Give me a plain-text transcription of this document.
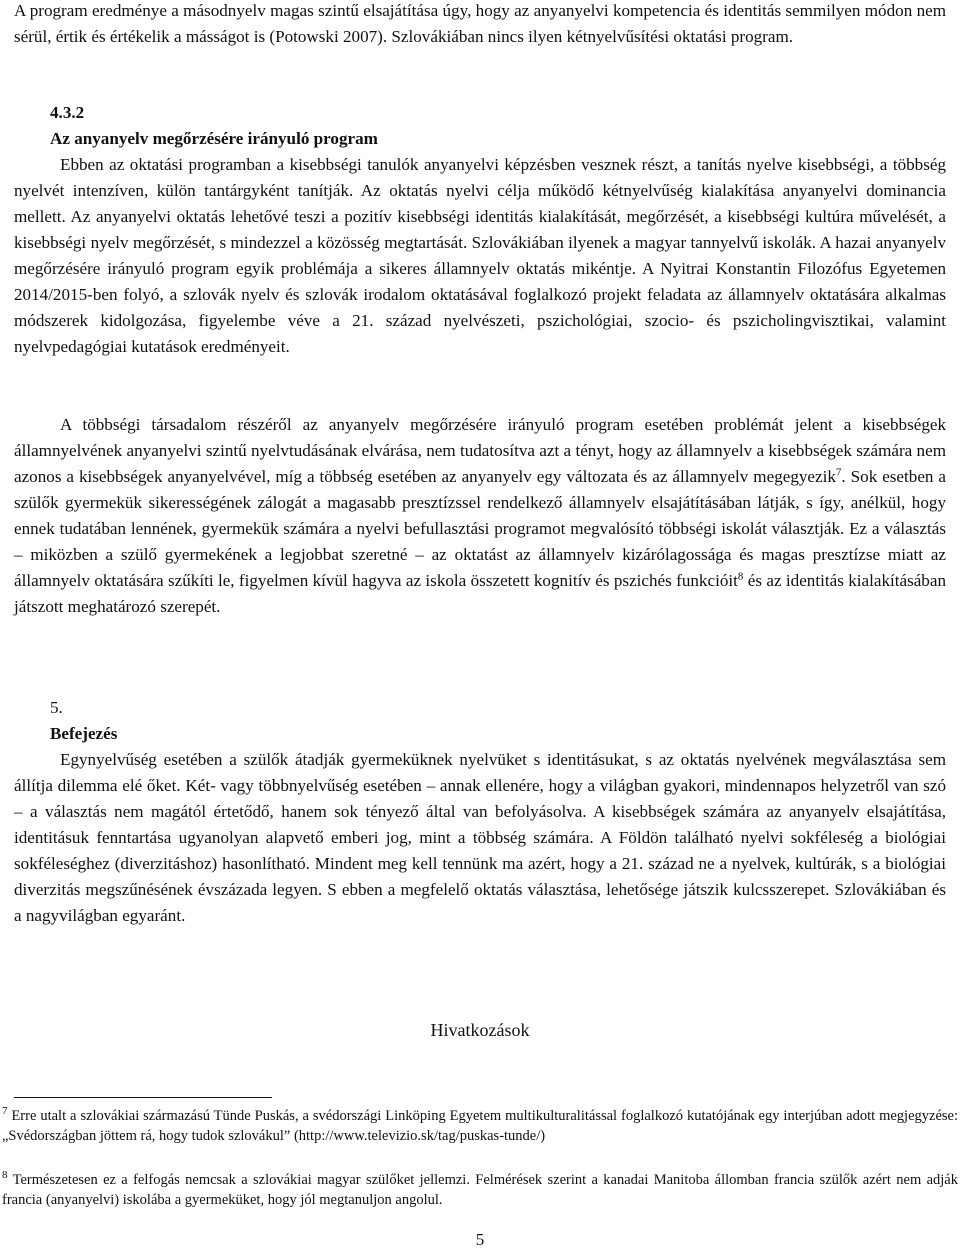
A program eredménye a másodnyelv magas szintű elsajátítása úgy, hogy az anyanyelvi kompetencia és identitás semmilyen módon nem sérül, értik és értékelik a másságot is (Potowski 2007). Szlovákiában nincs ilyen kétnyelvűsítési oktatási program.
4.3.2
Az anyanyelv megőrzésére irányuló program
Ebben az oktatási programban a kisebbségi tanulók anyanyelvi képzésben vesznek részt, a tanítás nyelve kisebbségi, a többség nyelvét intenzíven, külön tantárgyként tanítják. Az oktatás nyelvi célja működő kétnyelvűség kialakítása anyanyelvi dominancia mellett. Az anyanyelvi oktatás lehetővé teszi a pozitív kisebbségi identitás kialakítását, megőrzését, a kisebbségi kultúra művelését, a kisebbségi nyelv megőrzését, s mindezzel a közösség megtartását. Szlovákiában ilyenek a magyar tannyelvű iskolák. A hazai anyanyelv megőrzésére irányuló program egyik problémája a sikeres államnyelv oktatás mikéntje. A Nyitrai Konstantin Filozófus Egyetemen 2014/2015-ben folyó, a szlovák nyelv és szlovák irodalom oktatásával foglalkozó projekt feladata az államnyelv oktatására alkalmas módszerek kidolgozása, figyelembe véve a 21. század nyelvészeti, pszichológiai, szocio- és pszicholingvisztikai, valamint nyelvpedagógiai kutatások eredményeit.
A többségi társadalom részéről az anyanyelv megőrzésére irányuló program esetében problémát jelent a kisebbségek államnyelvének anyanyelvi szintű nyelvtudásának elvárása, nem tudatosítva azt a tényt, hogy az államnyelv a kisebbségek számára nem azonos a kisebbségek anyanyelvével, míg a többség esetében az anyanyelv egy változata és az államnyelv megegyezik$^7$. Sok esetben a szülők gyermekük sikerességének zálogát a magasabb presztízssel rendelkező államnyelv elsajátításában látják, s így, anélkül, hogy ennek tudatában lennének, gyermekük számára a nyelvi befullasztási programot megvalósító többségi iskolát választják. Ez a választás – miközben a szülő gyermekének a legjobbat szeretné – az oktatást az államnyelv kizárólagossága és magas presztízse miatt az államnyelv oktatására szűkíti le, figyelmen kívül hagyva az iskola összetett kognitív és pszichés funkcióit$^8$ és az identitás kialakításában játszott meghatározó szerepét.
5.
Befejezés
Egynyelvűség esetében a szülők átadják gyermeküknek nyelvüket s identitásukat, s az oktatás nyelvének megválasztása sem állítja dilemma elé őket. Két- vagy többnyelvűség esetében – annak ellenére, hogy a világban gyakori, mindennapos helyzetről van szó – a választás nem magától értetődő, hanem sok tényező által van befolyásolva. A kisebbségek számára az anyanyelv elsajátítása, identitásuk fenntartása ugyanolyan alapvető emberi jog, mint a többség számára. A Földön található nyelvi sokféleség a biológiai sokféleséghez (diverzitáshoz) hasonlítható. Mindent meg kell tennünk ma azért, hogy a 21. század ne a nyelvek, kultúrák, s a biológiai diverzitás megszűnésének évszázada legyen. S ebben a megfelelő oktatás választása, lehetősége játszik kulcsszerepet. Szlovákiában és a nagyvilágban egyaránt.
Hivatkozások
$^7$ Erre utalt a szlovákiai származású Tünde Puskás, a svédországi Linköping Egyetem multikulturalitással foglalkozó kutatójának egy interjúban adott megjegyzése: „Svédországban jöttem rá, hogy tudok szlovákul” (http://www.televizio.sk/tag/puskas-tunde/)
$^8$ Természetesen ez a felfogás nemcsak a szlovákiai magyar szülőket jellemzi. Felmérések szerint a kanadai Manitoba állomban francia szülők azért nem adják francia (anyanyelvi) iskolába a gyermeküket, hogy jól megtanuljon angolul.
5
